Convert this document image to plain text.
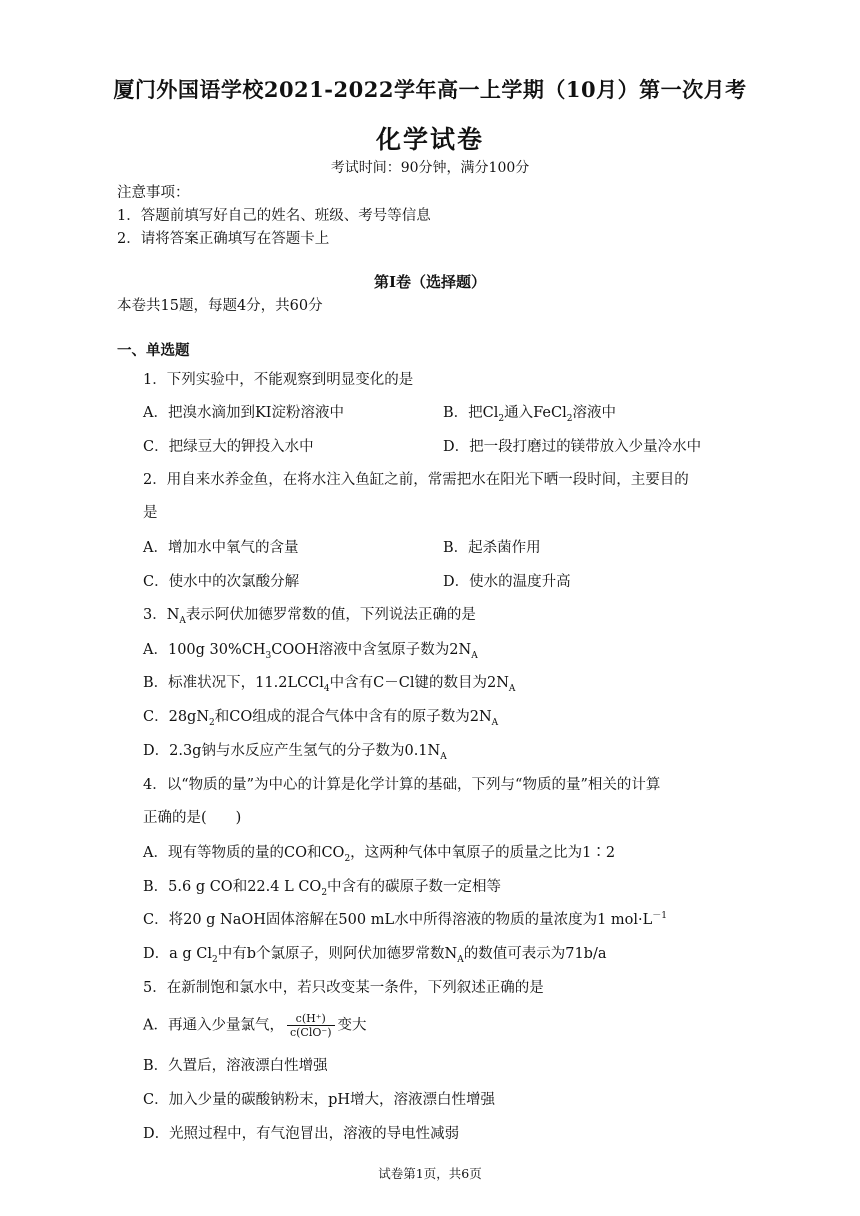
厦门外国语学校2021-2022学年高一上学期（10月）第一次月考
化学试卷
考试时间：90分钟，满分100分
注意事项：
1．答题前填写好自己的姓名、班级、考号等信息
2．请将答案正确填写在答题卡上
第Ⅰ卷（选择题）
本卷共15题，每题4分，共60分
一、单选题
1．下列实验中，不能观察到明显变化的是
A．把溴水滴加到KI淀粉溶液中	B．把$Cl_2$通入FeCl$_2$溶液中
C．把绿豆大的钾投入水中	D．把一段打磨过的镁带放入少量冷水中
2．用自来水养金鱼，在将水注入鱼缸之前，常需把水在阳光下晒一段时间，主要目的
是
A．增加水中氧气的含量	B．起杀菌作用
C．使水中的次氯酸分解	D．使水的温度升高
3．$N_A$表示阿伏加德罗常数的值，下列说法正确的是
A．100g $30\%CH_3COOH$溶液中含氢原子数为$2N_A$
B．标准状况下，11.2LCCl$_4$中含有C－Cl键的数目为$2N_A$
C．$28gN_2$和CO组成的混合气体中含有的原子数为$2N_A$
D．2.3g钠与水反应产生氢气的分子数为$0.1N_A$
4．以“物质的量”为中心的计算是化学计算的基础，下列与“物质的量”相关的计算
正确的是(　　)
A．现有等物质的量的CO和$CO_2$，这两种气体中氧原子的质量之比为1∶2
B．5.6 g CO和22.4 L $CO_2$中含有的碳原子数一定相等
C．将20 g NaOH固体溶解在500 mL水中所得溶液的物质的量浓度为1 $mol\cdot L^{-1}$
D．a g $Cl_2$中有b个氯原子，则阿伏加德罗常数$N_A$的数值可表示为71b/a
5．在新制饱和氯水中，若只改变某一条件，下列叙述正确的是
A．再通入少量氯气， $\frac{c(H^+)}{\text{c(ClO⁻)}}$ 变大
B．久置后，溶液漂白性增强
C．加入少量的碳酸钠粉末，pH增大，溶液漂白性增强
D．光照过程中，有气泡冒出，溶液的导电性减弱
试卷第1页，共6页
